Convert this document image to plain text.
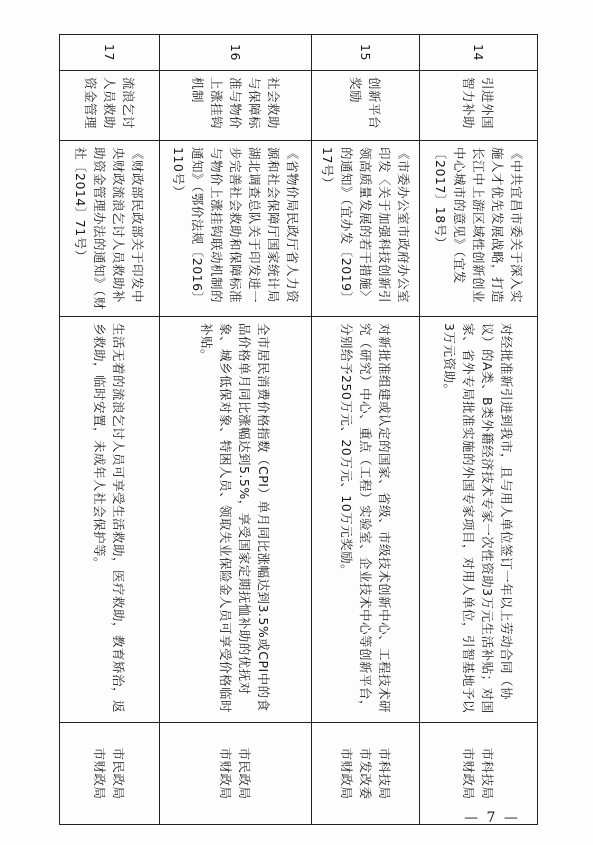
14	引进外国智力补助	《中共宜昌市委关于深入实施人才优先发展战略，打造长江中上游区域性创新创业中心城市的意见》（宜发〔2017〕18号）	对经批准新引进到我市，且与用人单位签订一年以上劳动合同（协议）的A类、B类外籍经济技术专家一次性资助3万元生活补贴；对国家、省外专局批准实施的外国专家项目，对用人单位，引智基地予以3万元资助。	市科技局
市财政局

15	创新平台奖励	《市委办公室市政府办公室印发〈关于加强科技创新引领高质量发展的若干措施〉的通知》（宜办发〔2019〕17号）	对新批准组建或认定的国家、省级、市级技术创新中心、工程技术研究（研究）中心、重点（工程）实验室、企业技术中心等创新平台，分别给予250万元、20万元、10万元奖励。	市科技局
市发改委
市财政局

16	社会救助与保障标准与物价上涨挂钩机制	《省物价局民政厅省人力资源和社会保障厅国家统计局湖北调查总队关于印发进一步完善社会救助和保障标准与物价上涨挂钩联动机制的通知》（鄂价法规〔2016〕110号）	全市居民消费价格指数（CPI）单月同比涨幅达到3.5%或CPI中的食品价格单月同比涨幅达到5.5%，享受国家定期抚恤补助的优抚对象、城乡低保对象、特困人员、领取失业保险金人员可享受价格临时补贴。	市民政局
市财政局

17	流浪乞讨人员救助资金管理	《财政部民政部关于印发中央财政流浪乞讨人员救助补助资金管理办法的通知》（财社〔2014〕71号）	生活无着的流浪乞讨人员可享受生活救助，医疗救助，教育矫治，返乡救助，临时安置，未成年人社会保护等。	市民政局
市财政局
— 7 —
